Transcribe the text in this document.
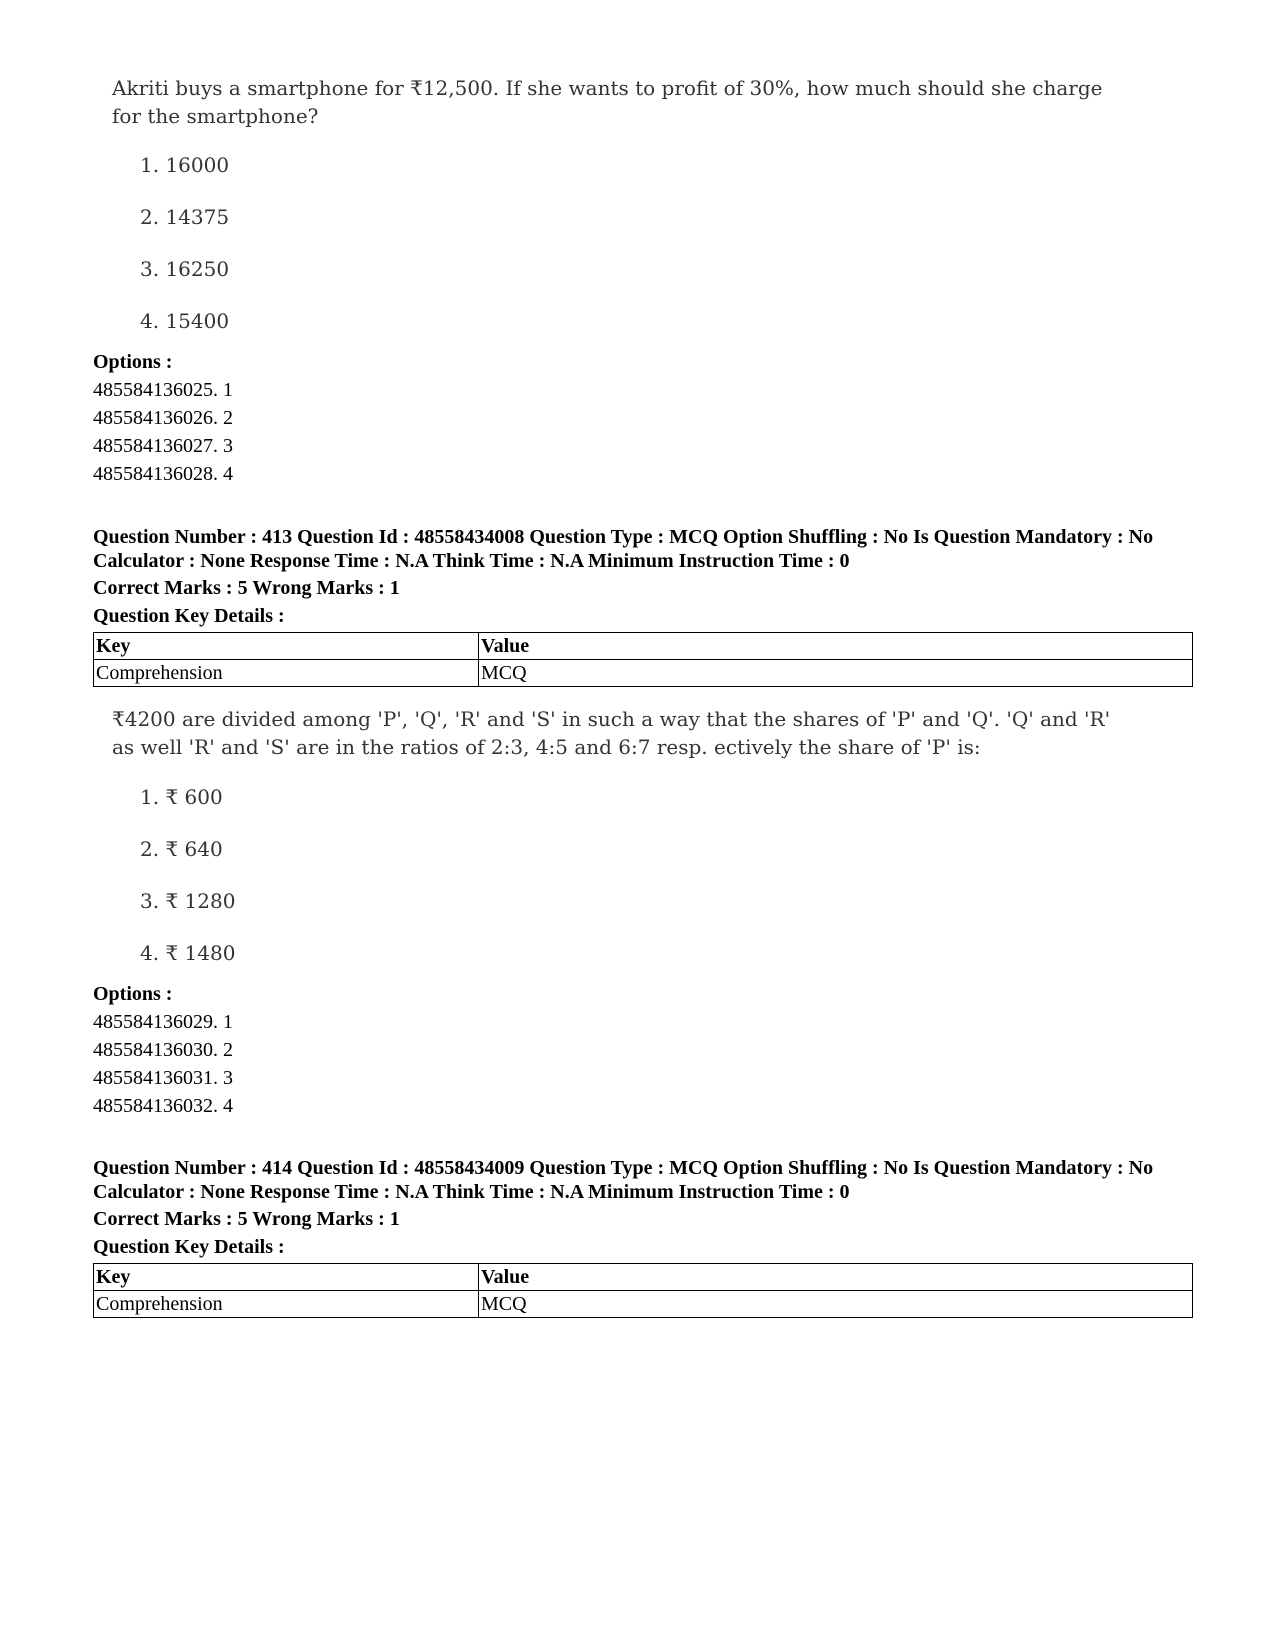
Akriti buys a smartphone for ₹12,500. If she wants to profit of 30%, how much should she charge for the smartphone?
1. 16000
2. 14375
3. 16250
4. 15400
Options :
485584136025. 1
485584136026. 2
485584136027. 3
485584136028. 4
Question Number : 413 Question Id : 48558434008 Question Type : MCQ Option Shuffling : No Is Question Mandatory : No Calculator : None Response Time : N.A Think Time : N.A Minimum Instruction Time : 0
Correct Marks : 5 Wrong Marks : 1
Question Key Details :
Key	Value
Comprehension	MCQ
₹4200 are divided among 'P', 'Q', 'R' and 'S' in such a way that the shares of 'P' and 'Q'. 'Q' and 'R' as well 'R' and 'S' are in the ratios of 2:3, 4:5 and 6:7 resp. ectively the share of 'P' is:
1. ₹ 600
2. ₹ 640
3. ₹ 1280
4. ₹ 1480
Options :
485584136029. 1
485584136030. 2
485584136031. 3
485584136032. 4
Question Number : 414 Question Id : 48558434009 Question Type : MCQ Option Shuffling : No Is Question Mandatory : No Calculator : None Response Time : N.A Think Time : N.A Minimum Instruction Time : 0
Correct Marks : 5 Wrong Marks : 1
Question Key Details :
Key	Value
Comprehension	MCQ
